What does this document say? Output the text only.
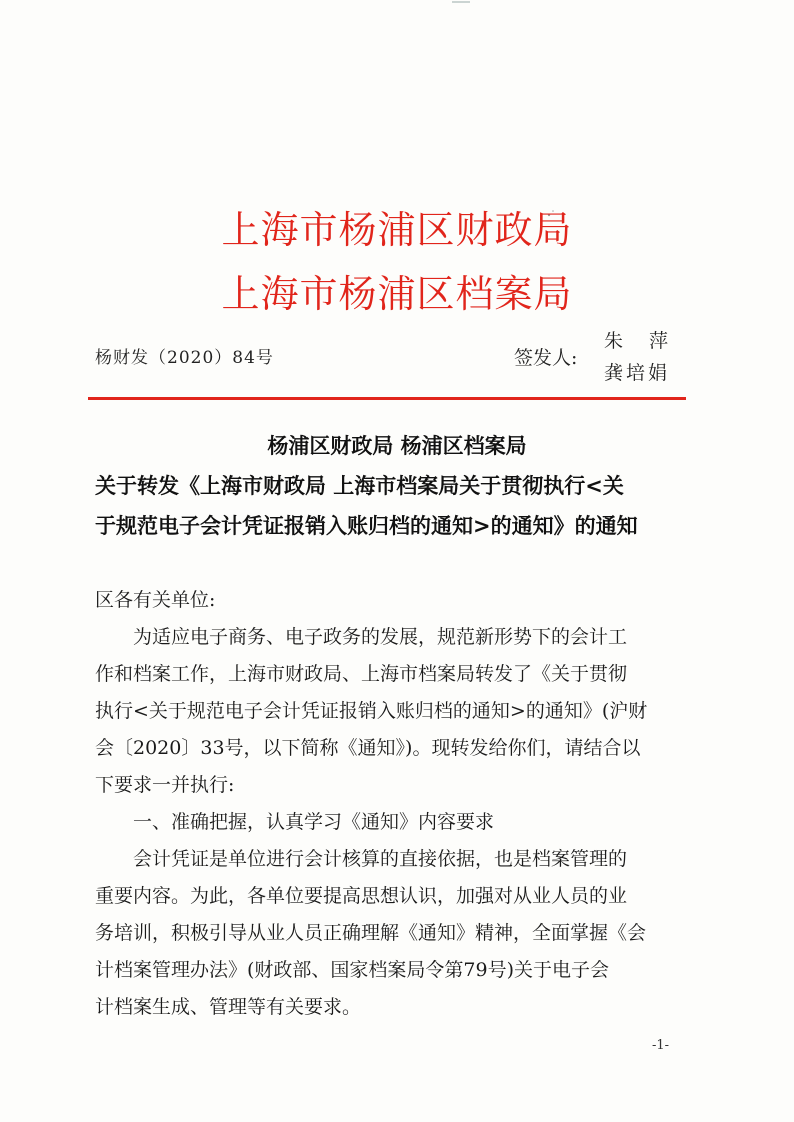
上海市杨浦区财政局
上海市杨浦区档案局
杨财发（2020）84号	签发人:
朱萍
龚培娟
杨浦区财政局 杨浦区档案局
关于转发《上海市财政局 上海市档案局关于贯彻执行<关
于规范电子会计凭证报销入账归档的通知>的通知》的通知
区各有关单位:
为适应电子商务、电子政务的发展，规范新形势下的会计工
作和档案工作，上海市财政局、上海市档案局转发了《关于贯彻
执行<关于规范电子会计凭证报销入账归档的通知>的通知》(沪财
会〔2020〕33号，以下简称《通知》)。现转发给你们，请结合以
下要求一并执行:
一、准确把握，认真学习《通知》内容要求
会计凭证是单位进行会计核算的直接依据，也是档案管理的
重要内容。为此，各单位要提高思想认识，加强对从业人员的业
务培训，积极引导从业人员正确理解《通知》精神，全面掌握《会
计档案管理办法》(财政部、国家档案局令第79号)关于电子会
计档案生成、管理等有关要求。
-1-
